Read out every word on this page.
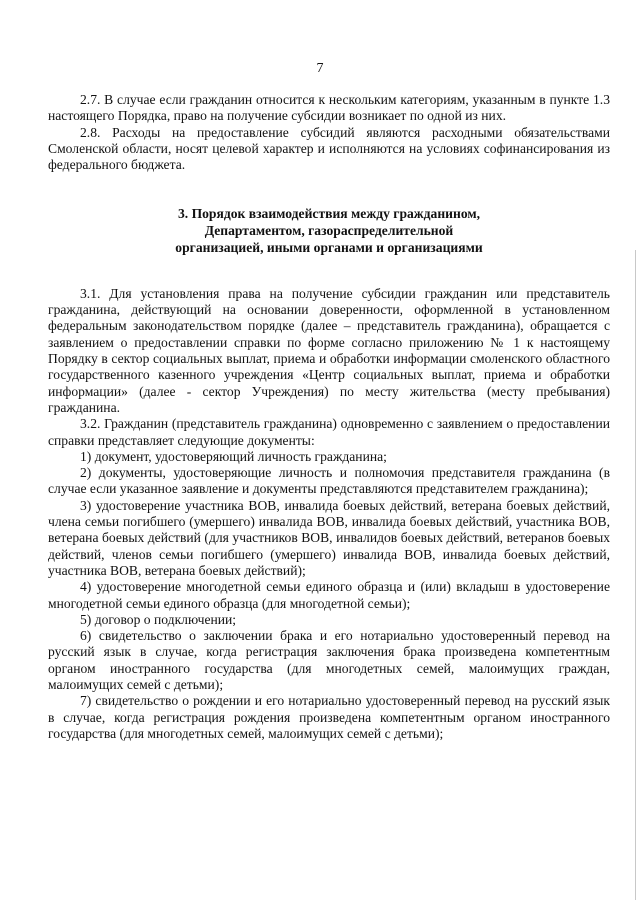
7

2.7. В случае если гражданин относится к нескольким категориям, указанным в пункте 1.3 настоящего Порядка, право на получение субсидии возникает по одной из них.

2.8. Расходы на предоставление субсидий являются расходными обязательствами Смоленской области, носят целевой характер и исполняются на условиях софинансирования из федерального бюджета.

3. Порядок взаимодействия между гражданином,
Департаментом, газораспределительной
организацией, иными органами и организациями

3.1. Для установления права на получение субсидии гражданин или представитель гражданина, действующий на основании доверенности, оформленной в установленном федеральным законодательством порядке (далее – представитель гражданина), обращается с заявлением о предоставлении справки по форме согласно приложению № 1 к настоящему Порядку в сектор социальных выплат, приема и обработки информации смоленского областного государственного казенного учреждения «Центр социальных выплат, приема и обработки информации» (далее - сектор Учреждения) по месту жительства (месту пребывания) гражданина.

3.2. Гражданин (представитель гражданина) одновременно с заявлением о предоставлении справки представляет следующие документы:

1) документ, удостоверяющий личность гражданина;

2) документы, удостоверяющие личность и полномочия представителя гражданина (в случае если указанное заявление и документы представляются представителем гражданина);

3) удостоверение участника ВОВ, инвалида боевых действий, ветерана боевых действий, члена семьи погибшего (умершего) инвалида ВОВ, инвалида боевых действий, участника ВОВ, ветерана боевых действий (для участников ВОВ, инвалидов боевых действий, ветеранов боевых действий, членов семьи погибшего (умершего) инвалида ВОВ, инвалида боевых действий, участника ВОВ, ветерана боевых действий);

4) удостоверение многодетной семьи единого образца и (или) вкладыш в удостоверение многодетной семьи единого образца (для многодетной семьи);

5) договор о подключении;

6) свидетельство о заключении брака и его нотариально удостоверенный перевод на русский язык в случае, когда регистрация заключения брака произведена компетентным органом иностранного государства (для многодетных семей, малоимущих граждан, малоимущих семей с детьми);

7) свидетельство о рождении и его нотариально удостоверенный перевод на русский язык в случае, когда регистрация рождения произведена компетентным органом иностранного государства (для многодетных семей, малоимущих семей с детьми);
